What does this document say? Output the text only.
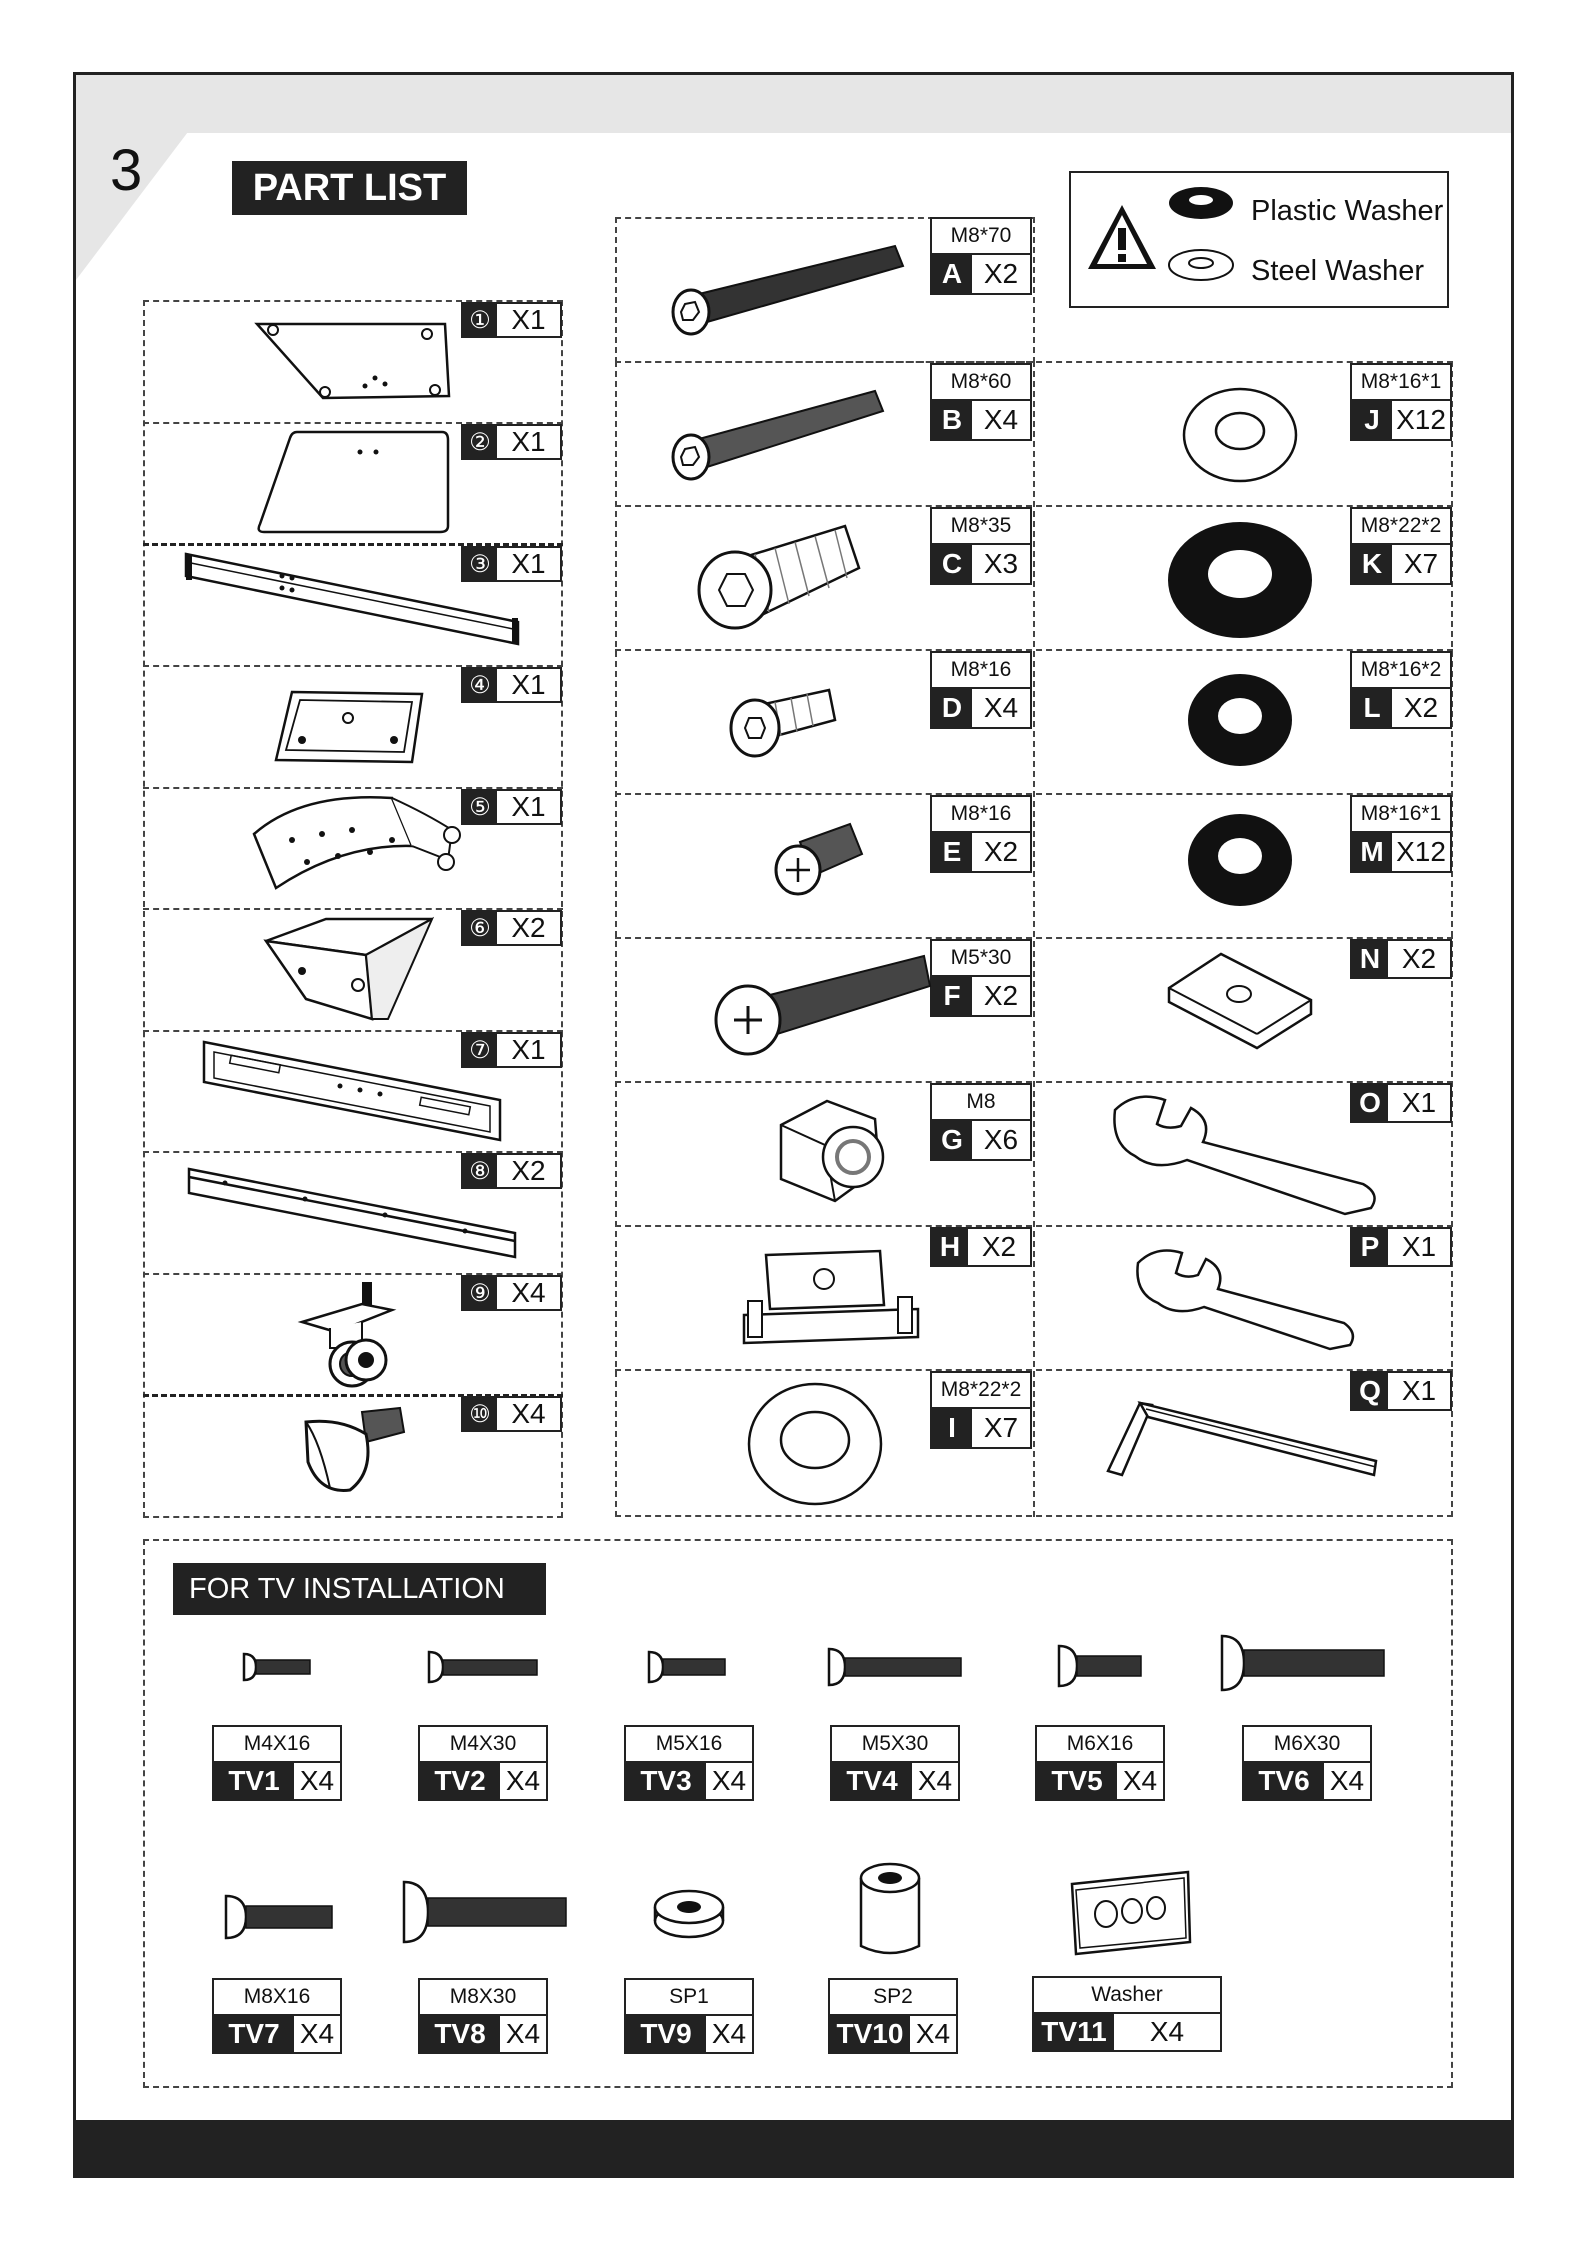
3	PART LIST
Plastic Washer
Steel Washer
① X1
② X1
③ X1
④ X1
⑤ X1
⑥ X2
⑦ X1
⑧ X2
⑨ X4
⑩ X4
M8*70
A X2
M8*60
B X4
M8*35
C X3
M8*16
D X4
M8*16
E X2
M5*30
F X2
M8
G X6
H X2
M8*22*2
I X7
M8*16*1
J X12
M8*22*2
K X7
M8*16*2
L X2
M8*16*1
M X12
N X2
O X1
P X1
Q X1
FOR TV INSTALLATION
M4X16
TV1 X4
M4X30
TV2 X4
M5X16
TV3 X4
M5X30
TV4 X4
M6X16
TV5 X4
M6X30
TV6 X4
M8X16
TV7 X4
M8X30
TV8 X4
SP1
TV9 X4
SP2
TV10 X4
Washer
TV11	X4
